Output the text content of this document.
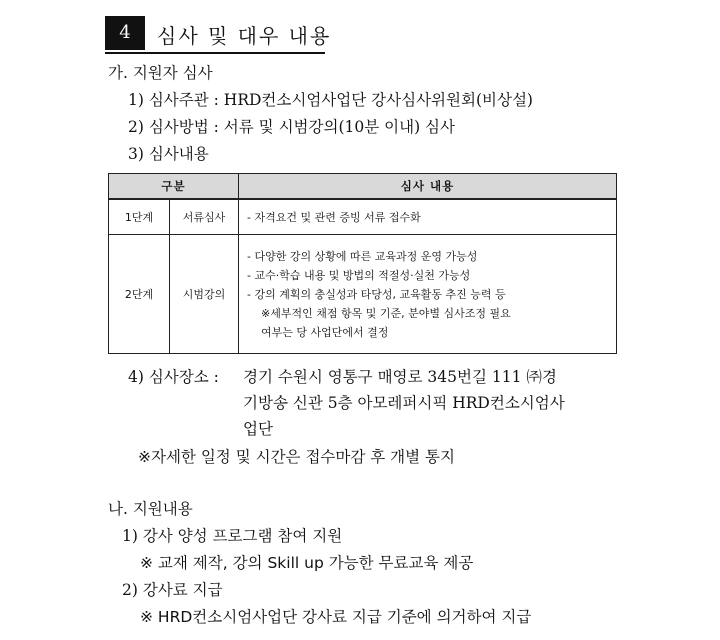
4	심사 및 대우 내용
가. 지원자 심사
1) 심사주관 : HRD컨소시엄사업단 강사심사위원회(비상설)
2) 심사방법 : 서류 및 시범강의(10분 이내) 심사
3) 심사내용
구분		심사 내용
1단계	서류심사	- 자격요건 및 관련 증빙 서류 접수화
2단계	시범강의	- 다양한 강의 상황에 따른 교육과정 운영 가능성
- 교수·학습 내용 및 방법의 적절성·실천 가능성
- 강의 계획의 충실성과 타당성, 교육활동 추진 능력 등
※세부적인 채점 항목 및 기준, 분야별 심사조정 필요
여부는 당 사업단에서 결정
4) 심사장소 : 경기 수원시 영통구 매영로 345번길 111 ㈜경
기방송 신관 5층 아모레퍼시픽 HRD컨소시엄사
업단
※자세한 일정 및 시간은 접수마감 후 개별 통지
나. 지원내용
1) 강사 양성 프로그램 참여 지원
※ 교재 제작, 강의 Skill up 가능한 무료교육 제공
2) 강사료 지급
※ HRD컨소시엄사업단 강사료 지급 기준에 의거하여 지급
